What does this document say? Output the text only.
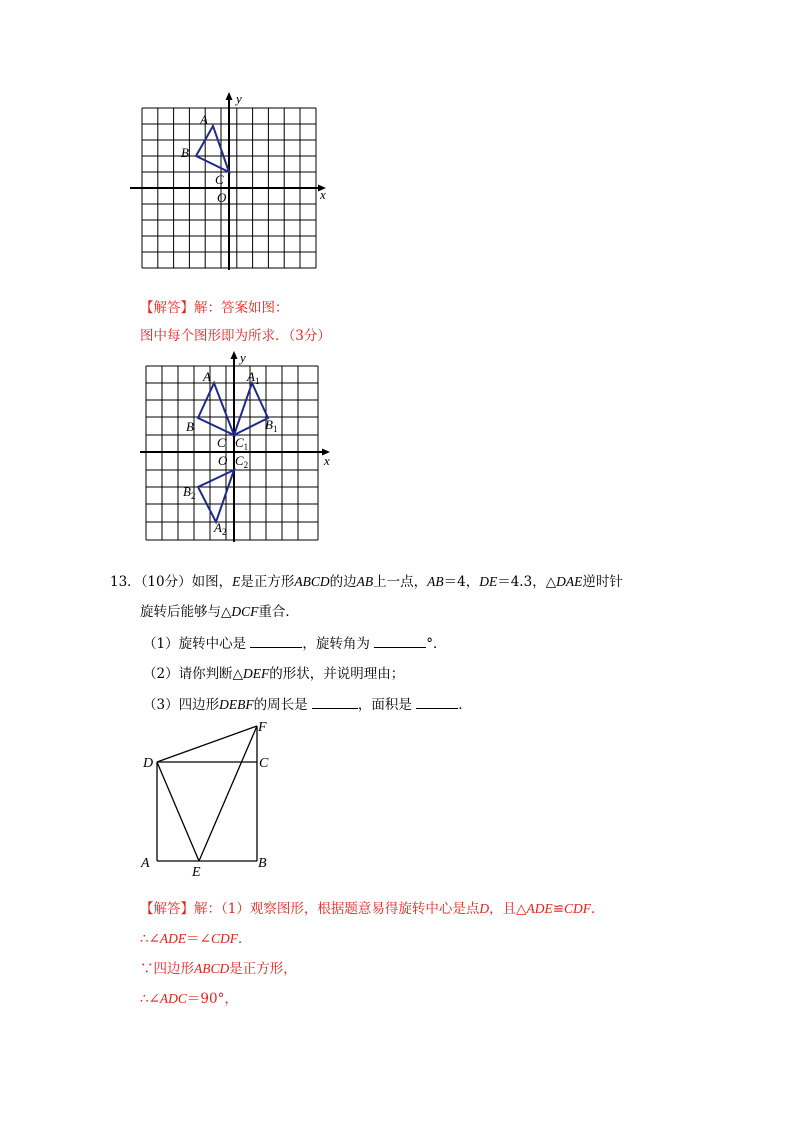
A
B
C
O	x
y
【解答】解：答案如图：
图中每个图形即为所求．（3分）
A
B
C
O	x
y
$A_1$
$B_1$
$C_1$
$C_2$
$B_2$
$A_2$
13．（10分）如图，E是正方形ABCD的边AB上一点，AB＝4，DE＝4.3，△DAE逆时针
旋转后能够与△DCF重合．
（1）旋转中心是	，旋转角为	°．
（2）请你判断△DEF的形状，并说明理由；
（3）四边形DEBF的周长是	，面积是	．
D	C
F
A
E
B
【解答】解：（1）观察图形，根据题意易得旋转中心是点D，且△ADE≌CDF．
∴∠ADE＝∠CDF．
∵四边形ABCD是正方形，
∴∠ADC＝90°，
